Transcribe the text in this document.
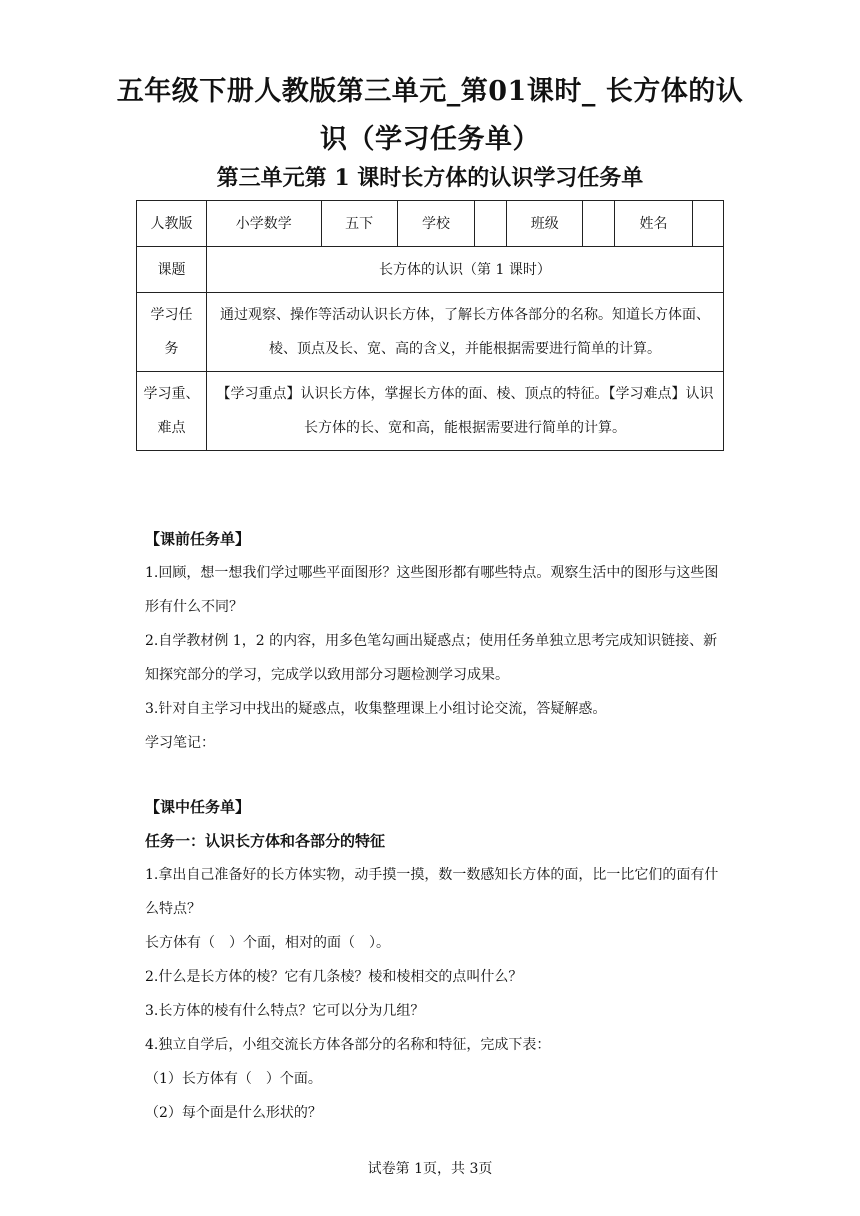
五年级下册人教版第三单元_第01课时_ 长方体的认识（学习任务单）
第三单元第 1 课时长方体的认识学习任务单
人教版	小学数学	五下	学校		班级		姓名	
课题	长方体的认识（第 1 课时）							
学习任务	通过观察、操作等活动认识长方体，了解长方体各部分的名称。知道长方体面、棱、顶点及长、宽、高的含义，并能根据需要进行简单的计算。							
学习重、难点	【学习重点】认识长方体，掌握长方体的面、棱、顶点的特征。【学习难点】认识长方体的长、宽和高，能根据需要进行简单的计算。							
【课前任务单】
1.回顾，想一想我们学过哪些平面图形？这些图形都有哪些特点。观察生活中的图形与这些图形有什么不同？
2.自学教材例 1，2 的内容，用多色笔勾画出疑惑点；使用任务单独立思考完成知识链接、新知探究部分的学习，完成学以致用部分习题检测学习成果。
3.针对自主学习中找出的疑惑点，收集整理课上小组讨论交流，答疑解惑。
学习笔记：
【课中任务单】
任务一：认识长方体和各部分的特征
1.拿出自己准备好的长方体实物，动手摸一摸，数一数感知长方体的面，比一比它们的面有什么特点？
长方体有（　）个面，相对的面（　）。
2.什么是长方体的棱？它有几条棱？棱和棱相交的点叫什么？
3.长方体的棱有什么特点？它可以分为几组？
4.独立自学后，小组交流长方体各部分的名称和特征，完成下表：
（1）长方体有（　）个面。
（2）每个面是什么形状的？
试卷第 1页，共 3页
